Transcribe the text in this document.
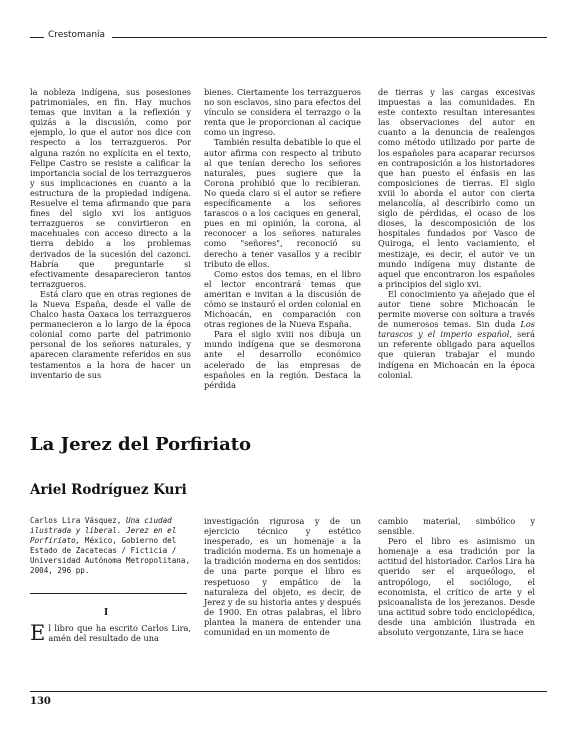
Crestomanía

la nobleza indígena, sus posesiones patrimoniales, en fin. Hay muchos temas que invitan a la reflexión y quizás a la discusión, como por ejemplo, lo que el autor nos dice con respecto a los terrazgueros. Por alguna razón no explícita en el texto, Felipe Castro se resiste a calificar la importancia social de los terrazgueros y sus implicaciones en cuanto a la estructura de la propiedad indígena. Resuelve el tema afirmando que para fines del siglo xvi los antiguos terrazgueros se convirtieron en macehuales con acceso directo a la tierra debido a los problemas derivados de la sucesión del cazonci. Habría que preguntarle si efectivamente desaparecieron tantos terrazgueros.

Está claro que en otras regiones de la Nueva España, desde el valle de Chalco hasta Oaxaca los terrazgueros permanecieron a lo largo de la época colonial como parte del patrimonio personal de los señores naturales, y aparecen claramente referidos en sus testamentos a la hora de hacer un inventario de sus

bienes. Ciertamente los terrazgueros no son esclavos, sino para efectos del vínculo se considera el terrazgo o la renta que le proporcionan al cacique como un ingreso.

También resulta debatible lo que el autor afirma con respecto al tributo al que tenían derecho los señores naturales, pues sugiere que la Corona prohibió que lo recibieran. No queda claro si el autor se refiere específicamente a los señores tarascos o a los caciques en general, pues en mi opinión, la corona, al reconocer a los señores naturales como "señores", reconoció su derecho a tener vasallos y a recibir tributo de ellos.

Como estos dos temas, en el libro el lector encontrará temas que ameritan e invitan a la discusión de cómo se instauró el orden colonial en Michoacán, en comparación con otras regiones de la Nueva España.

Para el siglo xviii nos dibuja un mundo indígena que se desmorona ante el desarrollo económico acelerado de las empresas de españoles en la región. Destaca la pérdida

de tierras y las cargas excesivas impuestas a las comunidades. En este contexto resultan interesantes las observaciones del autor en cuanto a la denuncia de realengos como método utilizado por parte de los españoles para acaparar recursos en contraposición a los historiadores que han puesto el énfasis en las composiciones de tierras. El siglo xviii lo aborda el autor con cierta melancolía, al describirlo como un siglo de pérdidas, el ocaso de los dioses, la descomposición de los hospitales fundados por Vasco de Quiroga, el lento vaciamiento, el mestizaje, es decir, el autor ve un mundo indígena muy distante de aquel que encontraron los españoles a principios del siglo xvi.

El conocimiento ya añejado que el autor tiene sobre Michoacán le permite moverse con soltura a través de numerosos temas. Sin duda Los tarascos y el imperio español, será un referente obligado para aquellos que quieran trabajar el mundo indígena en Michoacán en la época colonial.

La Jerez del Porfiriato
Ariel Rodríguez Kuri
Carlos Lira Vásquez, Una ciudad ilustrada y liberal. Jerez en el Porfiriato, México, Gobierno del Estado de Zacatecas / Ficticia / Universidad Autónoma Metropolitana, 2004, 296 pp.
I
El libro que ha escrito Carlos Lira, amén del resultado de una

investigación rigurosa y de un ejercicio técnico y estético inesperado, es un homenaje a la tradición moderna. Es un homenaje a la tradición moderna en dos sentidos: de una parte porque el libro es respetuoso y empático de la naturaleza del objeto, es decir, de Jerez y de su historia antes y después de 1900. En otras palabras, el libro plantea la manera de entender una comunidad en un momento de

cambio material, simbólico y sensible.

Pero el libro es asimismo un homenaje a esa tradición por la actitud del historiador. Carlos Lira ha querido ser el arqueólogo, el antropólogo, el sociólogo, el economista, el crítico de arte y el psicoanalista de los jerezanos. Desde una actitud sobre todo enciclopédica, desde una ambición ilustrada en absoluto vergonzante, Lira se hace

130
